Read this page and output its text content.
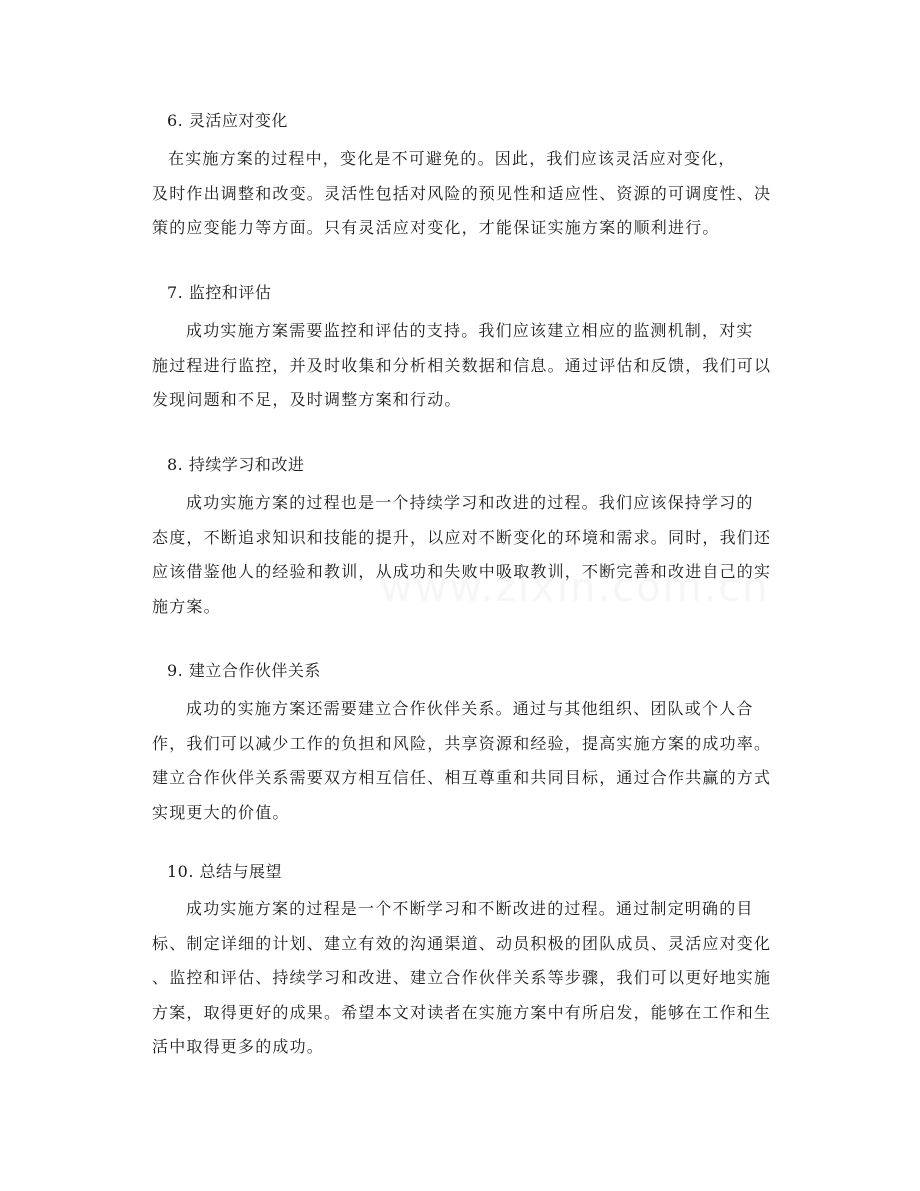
6. 灵活应对变化
在实施方案的过程中，变化是不可避免的。因此，我们应该灵活应对变化，
及时作出调整和改变。灵活性包括对风险的预见性和适应性、资源的可调度性、决
策的应变能力等方面。只有灵活应对变化，才能保证实施方案的顺利进行。
7. 监控和评估
成功实施方案需要监控和评估的支持。我们应该建立相应的监测机制，对实
施过程进行监控，并及时收集和分析相关数据和信息。通过评估和反馈，我们可以
发现问题和不足，及时调整方案和行动。
8. 持续学习和改进
成功实施方案的过程也是一个持续学习和改进的过程。我们应该保持学习的
态度，不断追求知识和技能的提升，以应对不断变化的环境和需求。同时，我们还
应该借鉴他人的经验和教训，从成功和失败中吸取教训，不断完善和改进自己的实
施方案。
9. 建立合作伙伴关系
成功的实施方案还需要建立合作伙伴关系。通过与其他组织、团队或个人合
作，我们可以减少工作的负担和风险，共享资源和经验，提高实施方案的成功率。
建立合作伙伴关系需要双方相互信任、相互尊重和共同目标，通过合作共赢的方式
实现更大的价值。
10. 总结与展望
成功实施方案的过程是一个不断学习和不断改进的过程。通过制定明确的目
标、制定详细的计划、建立有效的沟通渠道、动员积极的团队成员、灵活应对变化
、监控和评估、持续学习和改进、建立合作伙伴关系等步骤，我们可以更好地实施
方案，取得更好的成果。希望本文对读者在实施方案中有所启发，能够在工作和生
活中取得更多的成功。
